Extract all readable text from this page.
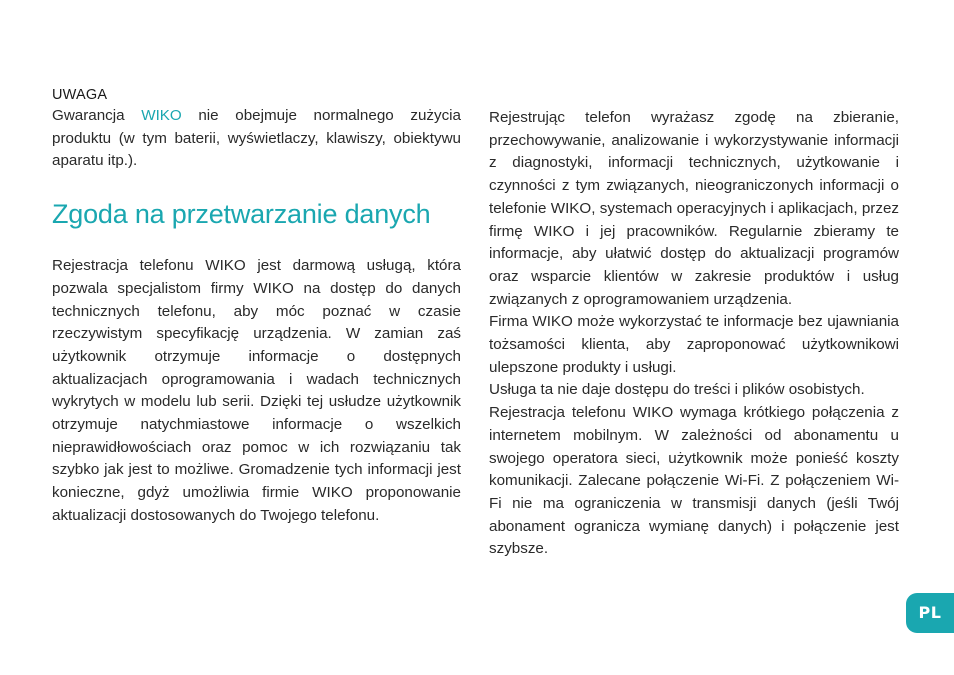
UWAGA

Gwarancja WIKO nie obejmuje normalnego zużycia produktu (w tym baterii, wyświetlaczy, klawiszy, obiektywu aparatu itp.).

Zgoda na przetwarzanie danych

Rejestracja telefonu WIKO jest darmową usługą, która pozwala specjalistom firmy WIKO na dostęp do danych technicznych telefonu, aby móc poznać w czasie rzeczywistym specyfikację urządzenia. W zamian zaś użytkownik otrzymuje informacje o dostępnych aktualizacjach oprogramowania i wadach technicznych wykrytych w modelu lub serii. Dzięki tej usłudze użytkownik otrzymuje natychmiastowe informacje o wszelkich nieprawidłowościach oraz pomoc w ich rozwiązaniu tak szybko jak jest to możliwe. Gromadzenie tych informacji jest konieczne, gdyż umożliwia firmie WIKO proponowanie aktualizacji dostosowanych do Twojego telefonu.

Rejestrując telefon wyrażasz zgodę na zbieranie, przechowywanie, analizowanie i wykorzystywanie informacji z diagnostyki, informacji technicznych, użytkowanie i czynności z tym związanych, nieograniczonych informacji o telefonie WIKO, systemach operacyjnych i aplikacjach, przez firmę WIKO i jej pracowników. Regularnie zbieramy te informacje, aby ułatwić dostęp do aktualizacji programów oraz wsparcie klientów w zakresie produktów i usług związanych z oprogramowaniem urządzenia.

Firma WIKO może wykorzystać te informacje bez ujawniania tożsamości klienta, aby zaproponować użytkownikowi ulepszone produkty i usługi.

Usługa ta nie daje dostępu do treści i plików osobistych.

Rejestracja telefonu WIKO wymaga krótkiego połączenia z internetem mobilnym. W zależności od abonamentu u swojego operatora sieci, użytkownik może ponieść koszty komunikacji. Zalecane połączenie Wi-Fi. Z połączeniem Wi-Fi nie ma ograniczenia w transmisji danych (jeśli Twój abonament ogranicza wymianę danych) i połączenie jest szybsze.

PL
